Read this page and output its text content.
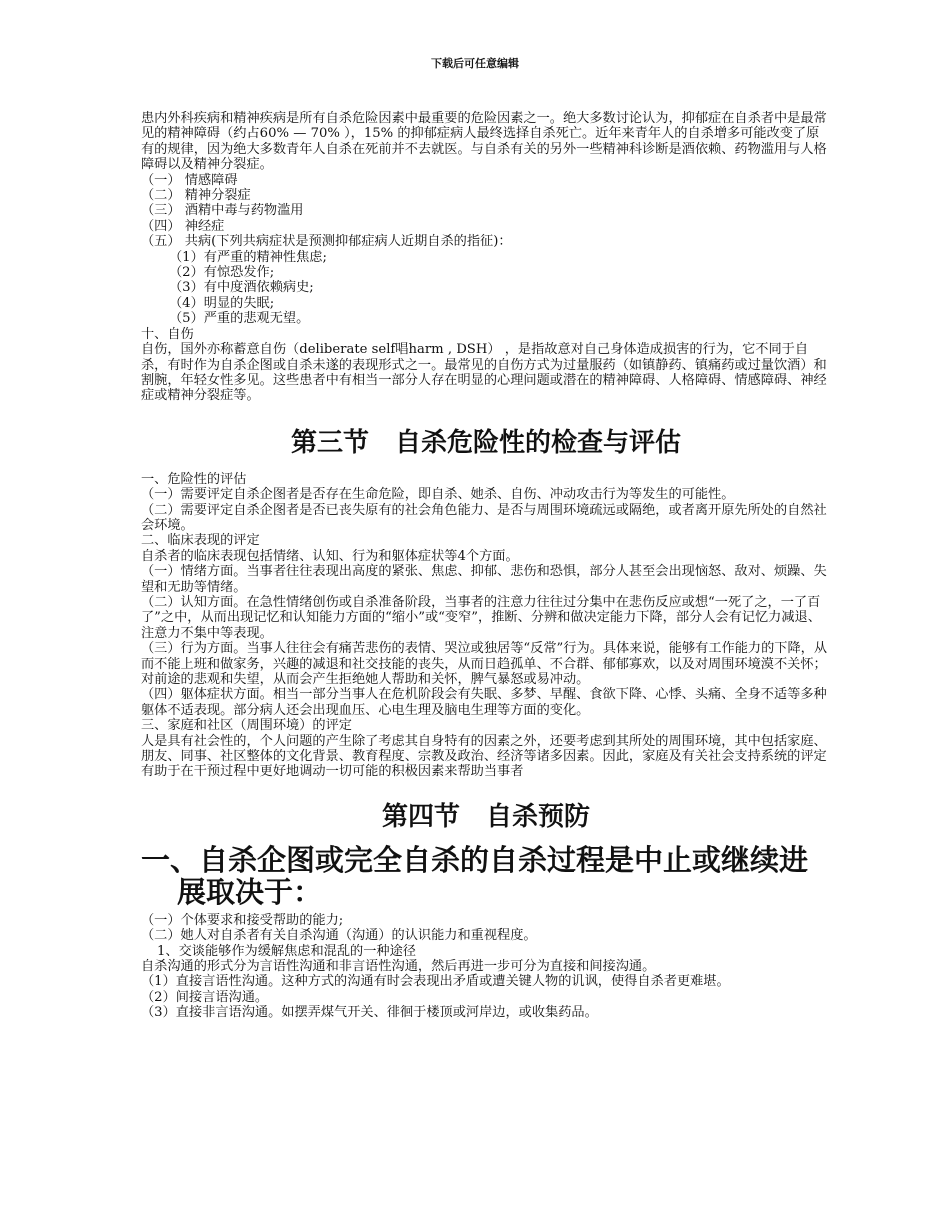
下载后可任意编辑

患内外科疾病和精神疾病是所有自杀危险因素中最重要的危险因素之一。绝大多数讨论认为，抑郁症在自杀者中是最常见的精神障碍（约占60% — 70% ），15% 的抑郁症病人最终选择自杀死亡。近年来青年人的自杀增多可能改变了原有的规律，因为绝大多数青年人自杀在死前并不去就医。与自杀有关的另外一些精神科诊断是酒依赖、药物滥用与人格障碍以及精神分裂症。

（一） 情感障碍

（二） 精神分裂症

（三） 酒精中毒与药物滥用

（四） 神经症

（五） 共病(下列共病症状是预测抑郁症病人近期自杀的指征)：

（1）有严重的精神性焦虑;

（2）有惊恐发作;

（3）有中度酒依赖病史;

（4）明显的失眠;

（5）严重的悲观无望。

十、自伤

自伤，国外亦称蓄意自伤（deliberate self唱harm , DSH） ，是指故意对自己身体造成损害的行为，它不同于自杀，有时作为自杀企图或自杀未遂的表现形式之一。最常见的自伤方式为过量服药（如镇静药、镇痛药或过量饮酒）和割腕，年轻女性多见。这些患者中有相当一部分人存在明显的心理问题或潜在的精神障碍、人格障碍、情感障碍、神经症或精神分裂症等。

第三节　自杀危险性的检查与评估

一、危险性的评估

（一）需要评定自杀企图者是否存在生命危险，即自杀、她杀、自伤、冲动攻击行为等发生的可能性。

（二）需要评定自杀企图者是否已丧失原有的社会角色能力、是否与周围环境疏远或隔绝，或者离开原先所处的自然社会环境。

二、临床表现的评定

自杀者的临床表现包括情绪、认知、行为和躯体症状等4个方面。

（一）情绪方面。当事者往往表现出高度的紧张、焦虑、抑郁、悲伤和恐惧，部分人甚至会出现恼怒、敌对、烦躁、失望和无助等情绪。

（二）认知方面。在急性情绪创伤或自杀准备阶段，当事者的注意力往往过分集中在悲伤反应或想“一死了之，一了百了”之中，从而出现记忆和认知能力方面的“缩小”或“变窄”，推断、分辨和做决定能力下降，部分人会有记忆力减退、注意力不集中等表现。

（三）行为方面。当事人往往会有痛苦悲伤的表情、哭泣或独居等“反常”行为。具体来说，能够有工作能力的下降，从而不能上班和做家务，兴趣的减退和社交技能的丧失，从而日趋孤单、不合群、郁郁寡欢，以及对周围环境漠不关怀；对前途的悲观和失望，从而会产生拒绝她人帮助和关怀，脾气暴怒或易冲动。

（四）躯体症状方面。相当一部分当事人在危机阶段会有失眠、多梦、早醒、食欲下降、心悸、头痛、全身不适等多种躯体不适表现。部分病人还会出现血压、心电生理及脑电生理等方面的变化。

三、家庭和社区（周围环境）的评定

人是具有社会性的，个人问题的产生除了考虑其自身特有的因素之外，还要考虑到其所处的周围环境，其中包括家庭、朋友、同事、社区整体的文化背景、教育程度、宗教及政治、经济等诸多因素。因此，家庭及有关社会支持系统的评定有助于在干预过程中更好地调动一切可能的积极因素来帮助当事者

第四节　自杀预防
一、自杀企图或完全自杀的自杀过程是中止或继续进展取决于：

（一）个体要求和接受帮助的能力;

（二）她人对自杀者有关自杀沟通（沟通）的认识能力和重视程度。

1、交谈能够作为缓解焦虑和混乱的一种途径

自杀沟通的形式分为言语性沟通和非言语性沟通，然后再进一步可分为直接和间接沟通。

（1）直接言语性沟通。这种方式的沟通有时会表现出矛盾或遭关键人物的讥讽，使得自杀者更难堪。

（2）间接言语沟通。

（3）直接非言语沟通。如摆弄煤气开关、徘徊于楼顶或河岸边，或收集药品。
